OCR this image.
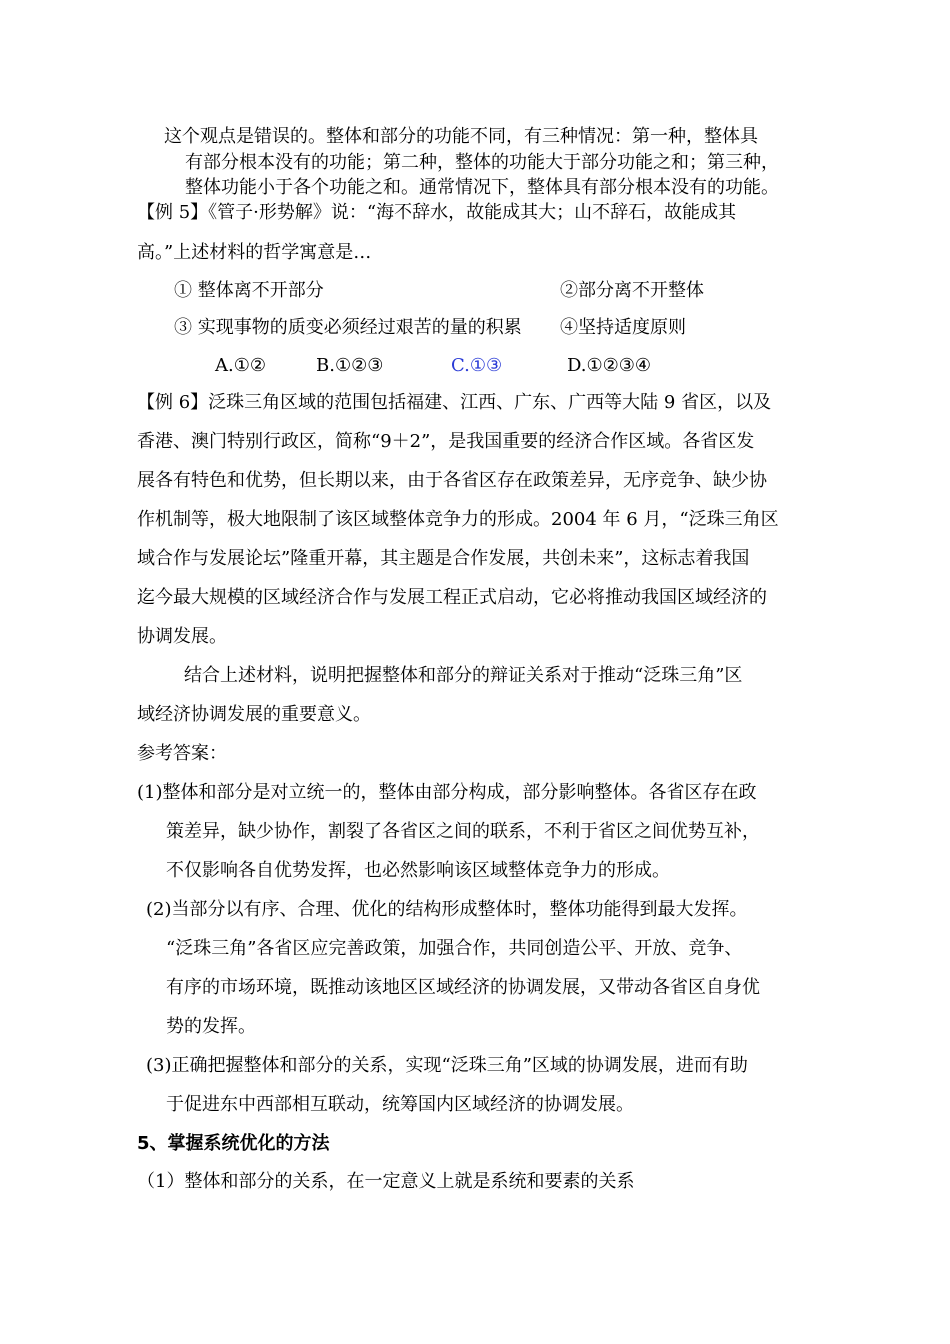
这个观点是错误的。整体和部分的功能不同，有三种情况：第一种，整体具
有部分根本没有的功能；第二种，整体的功能大于部分功能之和；第三种，
整体功能小于各个功能之和。通常情况下，整体具有部分根本没有的功能。
【例 5】《管子·形势解》说：“海不辞水，故能成其大；山不辞石，故能成其
高。”上述材料的哲学寓意是…
① 整体离不开部分	②部分离不开整体
③ 实现事物的质变必须经过艰苦的量的积累 ④坚持适度原则
A.①②	B.①②③	C.①③	D.①②③④
【例 6】泛珠三角区域的范围包括福建、江西、广东、广西等大陆 9 省区，以及
香港、澳门特别行政区，简称“9＋2”，是我国重要的经济合作区域。各省区发
展各有特色和优势，但长期以来，由于各省区存在政策差异，无序竞争、缺少协
作机制等，极大地限制了该区域整体竞争力的形成。2004 年 6 月，“泛珠三角区
域合作与发展论坛”隆重开幕，其主题是合作发展，共创未来”，这标志着我国
迄今最大规模的区域经济合作与发展工程正式启动，它必将推动我国区域经济的
协调发展。
结合上述材料，说明把握整体和部分的辩证关系对于推动“泛珠三角”区
域经济协调发展的重要意义。
参考答案：
(1)整体和部分是对立统一的，整体由部分构成，部分影响整体。各省区存在政
策差异，缺少协作，割裂了各省区之间的联系，不利于省区之间优势互补，
不仅影响各自优势发挥，也必然影响该区域整体竞争力的形成。
(2)当部分以有序、合理、优化的结构形成整体时，整体功能得到最大发挥。
“泛珠三角”各省区应完善政策，加强合作，共同创造公平、开放、竞争、
有序的市场环境，既推动该地区区域经济的协调发展，又带动各省区自身优
势的发挥。
(3)正确把握整体和部分的关系，实现“泛珠三角”区域的协调发展，进而有助
于促进东中西部相互联动，统筹国内区域经济的协调发展。
5、掌握系统优化的方法
（1）整体和部分的关系，在一定意义上就是系统和要素的关系
